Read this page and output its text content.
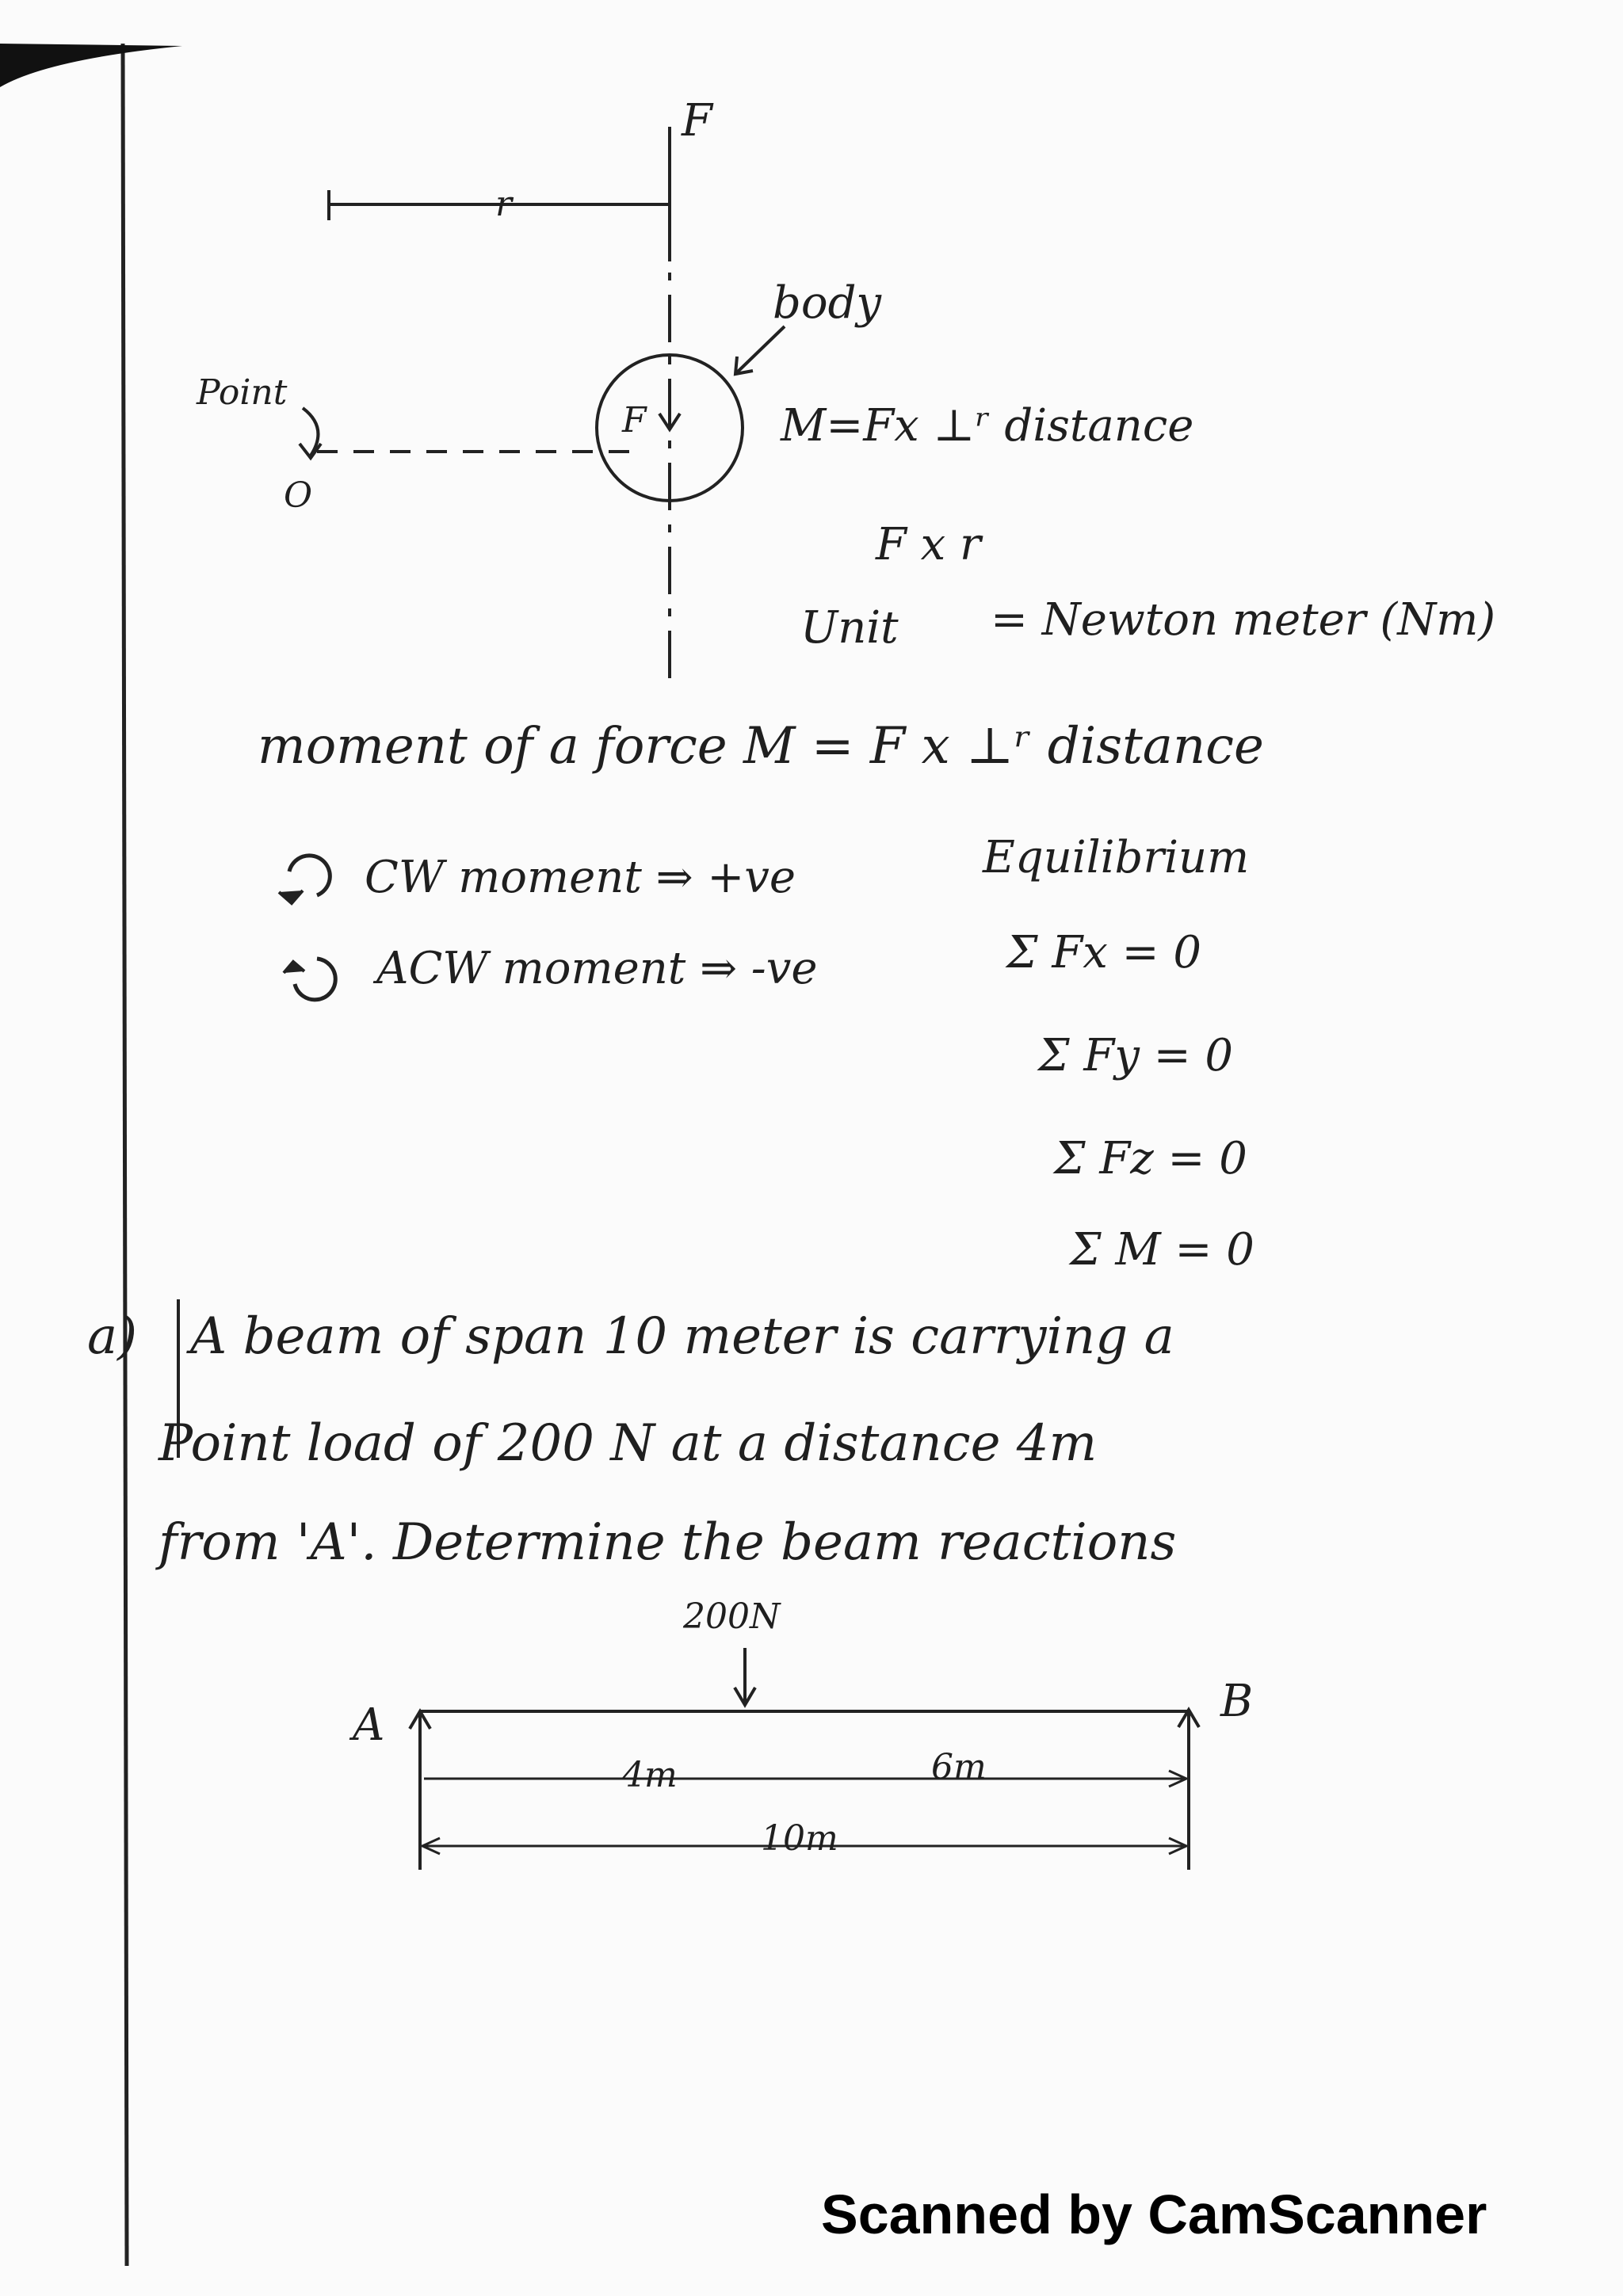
F
r
body
Point
O
F	M=Fx ⊥ʳ distance
F x r
Unit = Newton meter (Nm)
moment of a force M = F x ⊥ʳ distance
CW moment ⇒ +ve
ACW moment ⇒ -ve
Equilibrium
Σ Fx = 0
Σ Fy = 0
Σ Fz = 0
Σ M = 0
a) A beam of span 10 meter is carrying a
Point load of 200 N at a distance 4m
from 'A'. Determine the beam reactions
200N
A	B
4m	6m
10m
Scanned by CamScanner
